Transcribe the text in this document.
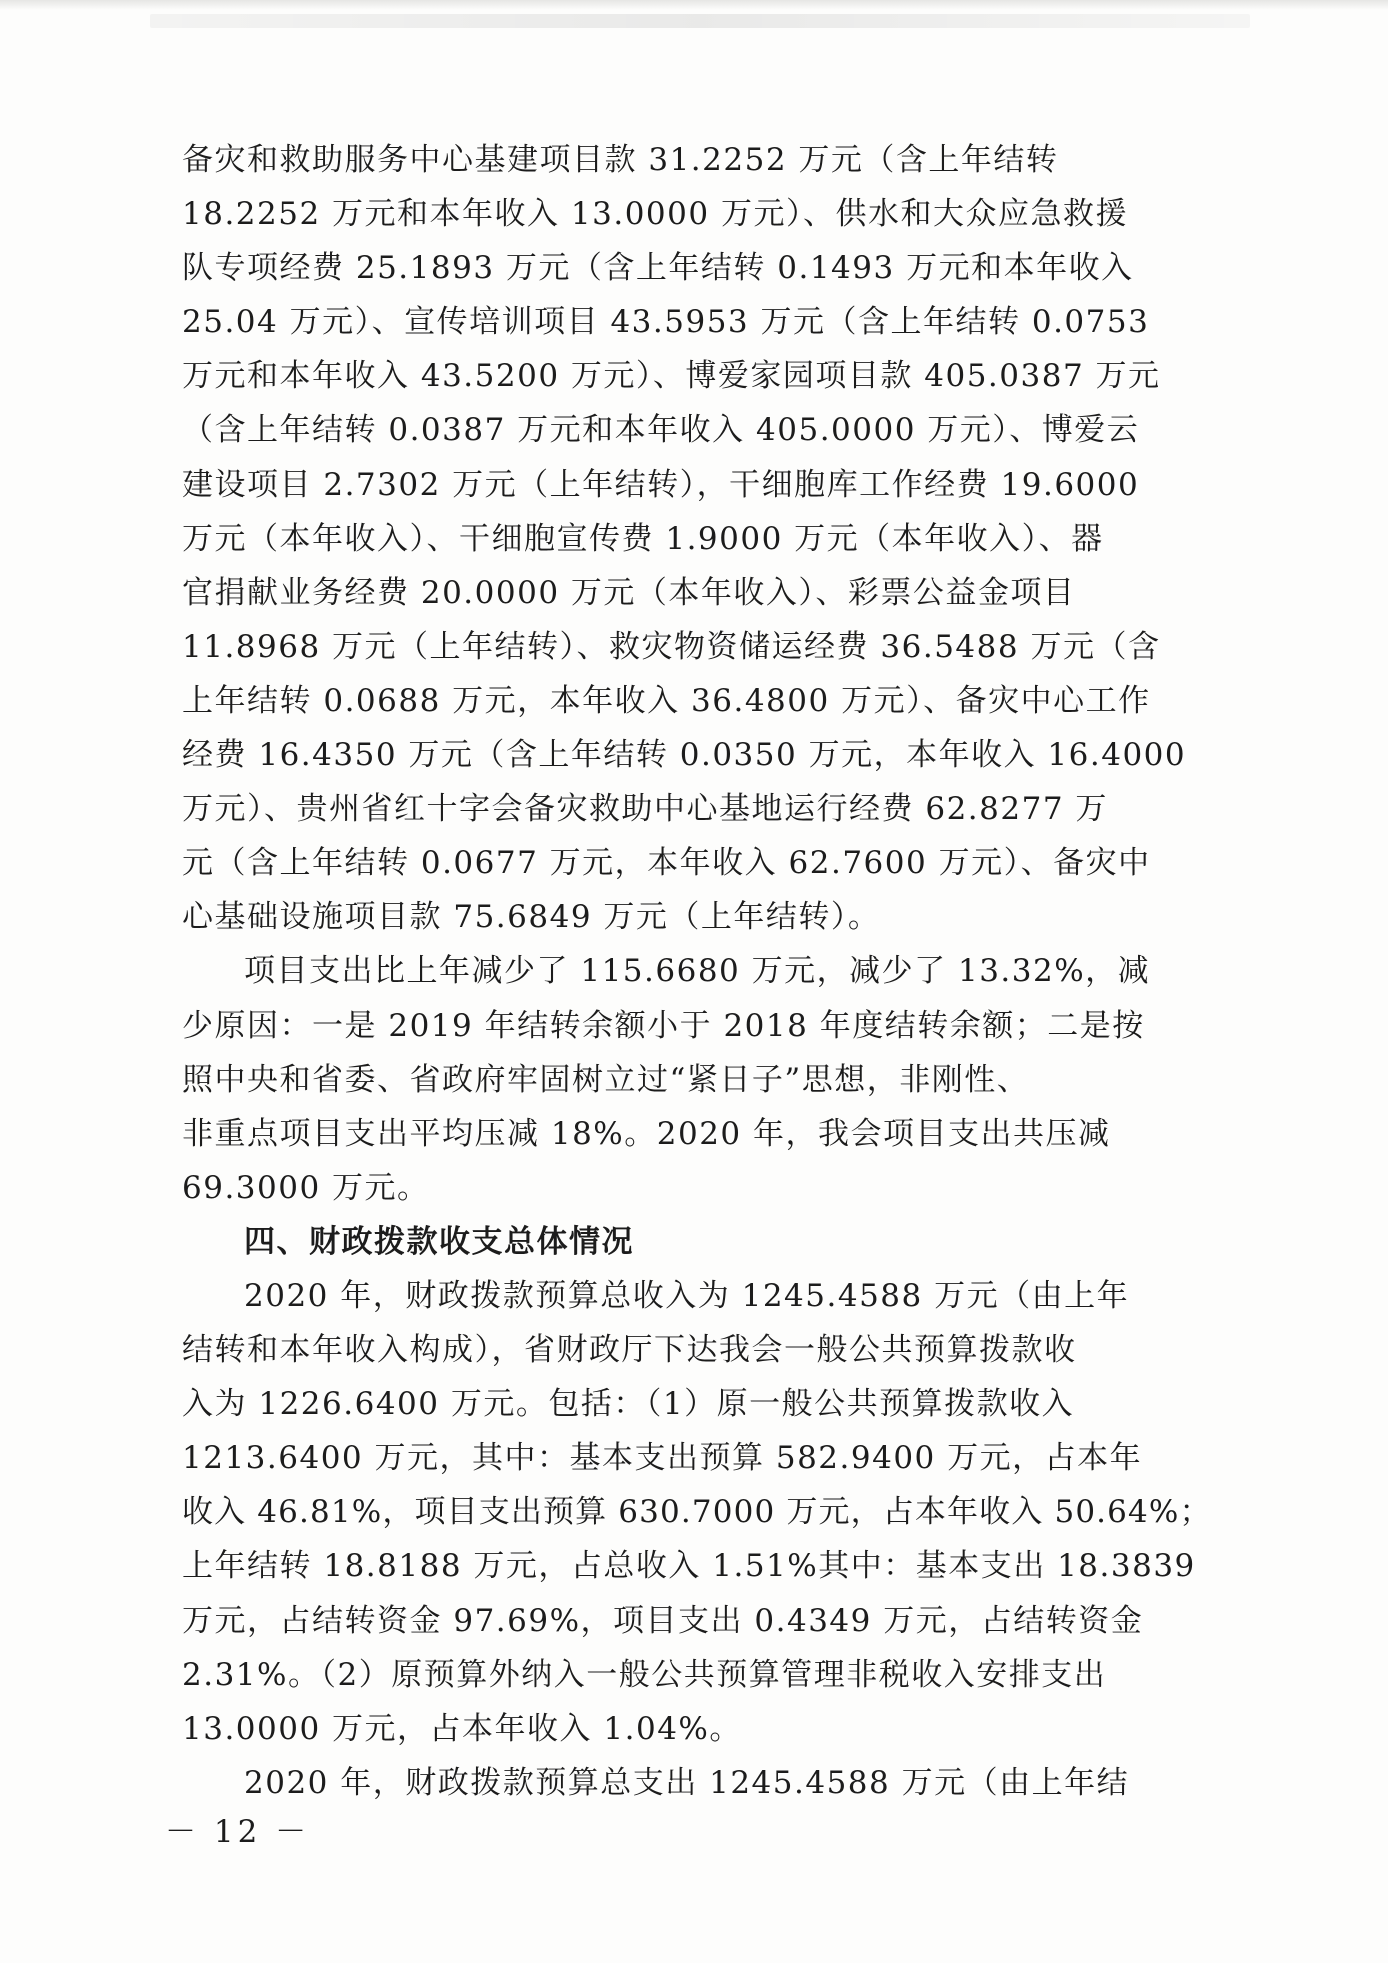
备灾和救助服务中心基建项目款 31.2252 万元（含上年结转
18.2252 万元和本年收入 13.0000 万元）、供水和大众应急救援
队专项经费 25.1893 万元（含上年结转 0.1493 万元和本年收入
25.04 万元）、宣传培训项目 43.5953 万元（含上年结转 0.0753
万元和本年收入 43.5200 万元）、博爱家园项目款 405.0387 万元
（含上年结转 0.0387 万元和本年收入 405.0000 万元）、博爱云
建设项目 2.7302 万元（上年结转），干细胞库工作经费 19.6000
万元（本年收入）、干细胞宣传费 1.9000 万元（本年收入）、器
官捐献业务经费 20.0000 万元（本年收入）、彩票公益金项目
11.8968 万元（上年结转）、救灾物资储运经费 36.5488 万元（含
上年结转 0.0688 万元，本年收入 36.4800 万元）、备灾中心工作
经费 16.4350 万元（含上年结转 0.0350 万元，本年收入 16.4000
万元）、贵州省红十字会备灾救助中心基地运行经费 62.8277 万
元（含上年结转 0.0677 万元，本年收入 62.7600 万元）、备灾中
心基础设施项目款 75.6849 万元（上年结转）。
项目支出比上年减少了 115.6680 万元，减少了 13.32%，减
少原因：一是 2019 年结转余额小于 2018 年度结转余额；二是按
照中央和省委、省政府牢固树立过“紧日子”思想，非刚性、
非重点项目支出平均压减 18%。2020 年，我会项目支出共压减
69.3000 万元。
四、财政拨款收支总体情况
2020 年，财政拨款预算总收入为 1245.4588 万元（由上年
结转和本年收入构成），省财政厅下达我会一般公共预算拨款收
入为 1226.6400 万元。包括：（1）原一般公共预算拨款收入
1213.6400 万元，其中：基本支出预算 582.9400 万元，占本年
收入 46.81%，项目支出预算 630.7000 万元，占本年收入 50.64%；
上年结转 18.8188 万元，占总收入 1.51%其中：基本支出 18.3839
万元，占结转资金 97.69%，项目支出 0.4349 万元，占结转资金
2.31%。（2）原预算外纳入一般公共预算管理非税收入安排支出
13.0000 万元，占本年收入 1.04%。
2020 年，财政拨款预算总支出 1245.4588 万元（由上年结
－ 12 －
